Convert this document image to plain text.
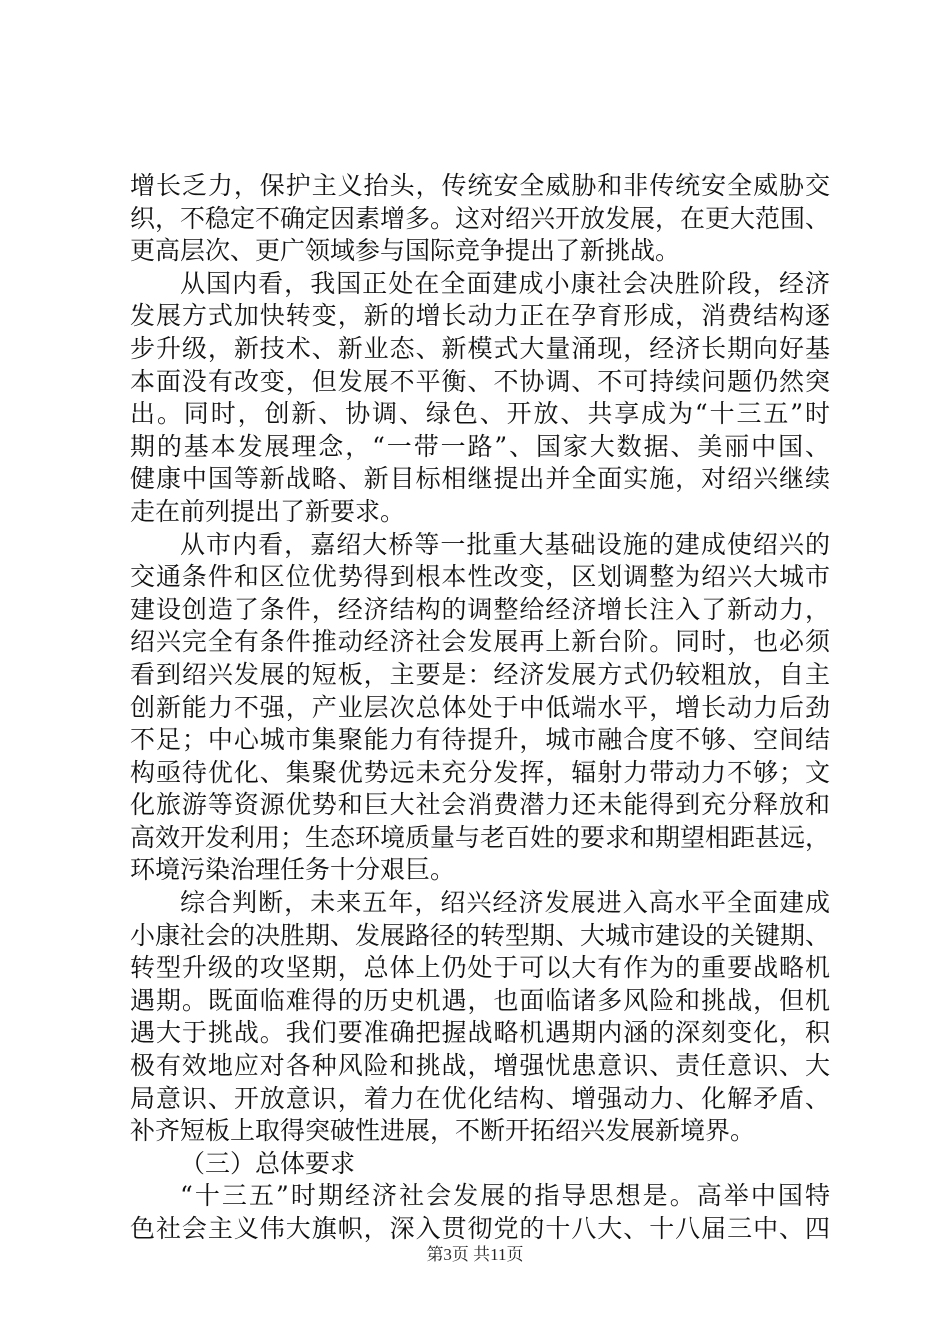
增长乏力，保护主义抬头，传统安全威胁和非传统安全威胁交
织，不稳定不确定因素增多。这对绍兴开放发展，在更大范围、
更高层次、更广领域参与国际竞争提出了新挑战。
从国内看，我国正处在全面建成小康社会决胜阶段，经济
发展方式加快转变，新的增长动力正在孕育形成，消费结构逐
步升级，新技术、新业态、新模式大量涌现，经济长期向好基
本面没有改变，但发展不平衡、不协调、不可持续问题仍然突
出。同时，创新、协调、绿色、开放、共享成为“十三五”时
期的基本发展理念，“一带一路”、国家大数据、美丽中国、
健康中国等新战略、新目标相继提出并全面实施，对绍兴继续
走在前列提出了新要求。
从市内看，嘉绍大桥等一批重大基础设施的建成使绍兴的
交通条件和区位优势得到根本性改变，区划调整为绍兴大城市
建设创造了条件，经济结构的调整给经济增长注入了新动力，
绍兴完全有条件推动经济社会发展再上新台阶。同时，也必须
看到绍兴发展的短板，主要是：经济发展方式仍较粗放，自主
创新能力不强，产业层次总体处于中低端水平，增长动力后劲
不足；中心城市集聚能力有待提升，城市融合度不够、空间结
构亟待优化、集聚优势远未充分发挥，辐射力带动力不够；文
化旅游等资源优势和巨大社会消费潜力还未能得到充分释放和
高效开发利用；生态环境质量与老百姓的要求和期望相距甚远，
环境污染治理任务十分艰巨。
综合判断，未来五年，绍兴经济发展进入高水平全面建成
小康社会的决胜期、发展路径的转型期、大城市建设的关键期、
转型升级的攻坚期，总体上仍处于可以大有作为的重要战略机
遇期。既面临难得的历史机遇，也面临诸多风险和挑战，但机
遇大于挑战。我们要准确把握战略机遇期内涵的深刻变化，积
极有效地应对各种风险和挑战，增强忧患意识、责任意识、大
局意识、开放意识，着力在优化结构、增强动力、化解矛盾、
补齐短板上取得突破性进展，不断开拓绍兴发展新境界。
（三）总体要求
“十三五”时期经济社会发展的指导思想是。高举中国特
色社会主义伟大旗帜，深入贯彻党的十八大、十八届三中、四
第3页 共11页
